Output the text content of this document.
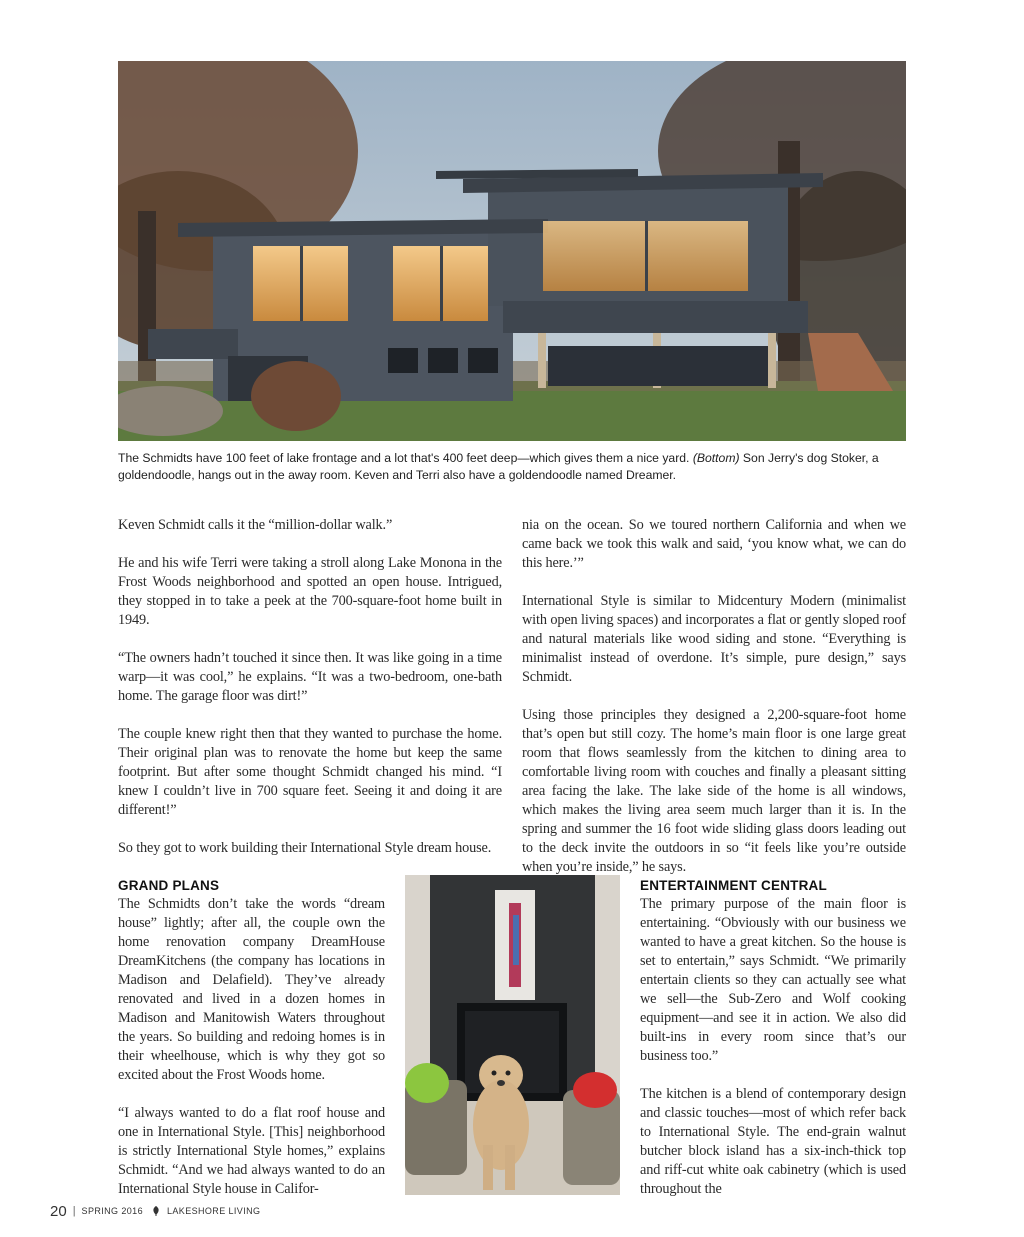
The Schmidts have 100 feet of lake frontage and a lot that's 400 feet deep—which gives them a nice yard. (Bottom) Son Jerry's dog Stoker, a goldendoodle, hangs out in the away room. Keven and Terri also have a goldendoodle named Dreamer.

Keven Schmidt calls it the “million-dollar walk.”

He and his wife Terri were taking a stroll along Lake Monona in the Frost Woods neighborhood and spotted an open house. Intrigued, they stopped in to take a peek at the 700-square-foot home built in 1949.

“The owners hadn’t touched it since then. It was like going in a time warp—it was cool,” he explains. “It was a two-bedroom, one-bath home. The garage floor was dirt!”

The couple knew right then that they wanted to purchase the home. Their original plan was to renovate the home but keep the same footprint. But after some thought Schmidt changed his mind. “I knew I couldn’t live in 700 square feet. Seeing it and doing it are different!”

So they got to work building their International Style dream house.

nia on the ocean. So we toured northern California and when we came back we took this walk and said, ‘you know what, we can do this here.’”

International Style is similar to Midcentury Modern (minimalist with open living spaces) and incorporates a flat or gently sloped roof and natural materials like wood siding and stone. “Everything is minimalist instead of overdone. It’s simple, pure design,” says Schmidt.

Using those principles they designed a 2,200-square-foot home that’s open but still cozy. The home’s main floor is one large great room that flows seamlessly from the kitchen to dining area to comfortable living room with couches and finally a pleasant sitting area facing the lake. The lake side of the home is all windows, which makes the living area seem much larger than it is. In the spring and summer the 16 foot wide sliding glass doors leading out to the deck invite the outdoors in so “it feels like you’re outside when you’re inside,” he says.

GRAND PLANS

The Schmidts don’t take the words “dream house” lightly; after all, the couple own the home renovation company DreamHouse DreamKitchens (the company has locations in Madison and Delafield). They’ve already renovated and lived in a dozen homes in Madison and Manitowish Waters throughout the years. So building and redoing homes is in their wheelhouse, which is why they got so excited about the Frost Woods home.

“I always wanted to do a flat roof house and one in International Style. [This] neighborhood is strictly International Style homes,” explains Schmidt. “And we had always wanted to do an International Style house in Califor-

ENTERTAINMENT CENTRAL

The primary purpose of the main floor is entertaining. “Obviously with our business we wanted to have a great kitchen. So the house is set to entertain,” says Schmidt. “We primarily entertain clients so they can actually see what we sell—the Sub-Zero and Wolf cooking equipment—and see it in action. We also did built-ins in every room since that’s our business too.”

The kitchen is a blend of contemporary design and classic touches—most of which refer back to International Style. The end-grain walnut butcher block island has a six-inch-thick top and riff-cut white oak cabinetry (which is used throughout the

20 | SPRING 2016	LAKESHORE LIVING
